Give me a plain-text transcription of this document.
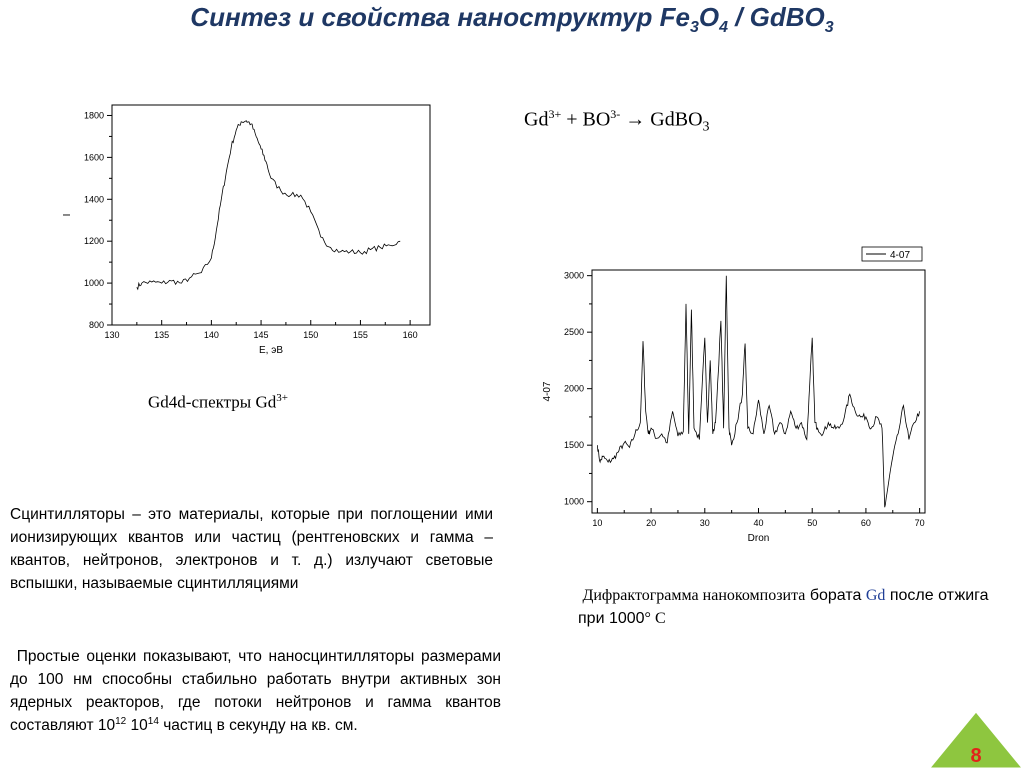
Синтез и свойства наноструктур $Fe_3O_4$ / GdBO$_3$
130	135	140	145	150	155	160
800
1000
1200
1400
1600
1800
E, эВ
I
Gd4d-спектры $Gd^{3+}$
$Gd^{3+} + BO^{3-}$ → GdBO$_3$
10	20	30	40	50	60	70
1000
1500
2000
2500
3000
Dron
4-07
4-07
Сцинтилляторы – это материалы, которые при поглощении ими ионизирующих квантов или частиц (рентгеновских и гамма – квантов, нейтронов, электронов и т. д.) излучают световые вспышки, называемые сцинтилляциями
Простые оценки показывают, что наносцинтилляторы размерами до 100 нм способны стабильно работать внутри активных зон ядерных реакторов, где потоки нейтронов и гамма квантов составляют $10^{12}$ $10^{14}$ частиц в секунду на кв. см.
Дифрактограмма нанокомпозита бората Gd после отжига при 1000° С
8
